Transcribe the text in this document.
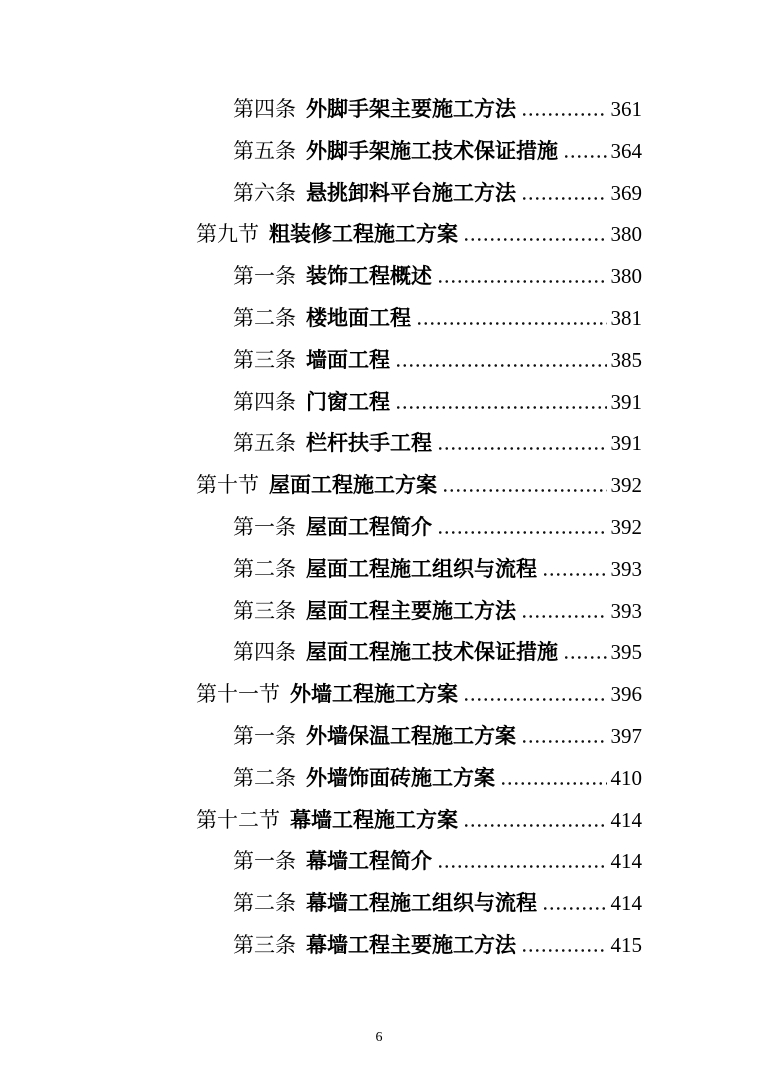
第四条 外脚手架主要施工方法	361
第五条 外脚手架施工技术保证措施	364
第六条 悬挑卸料平台施工方法	369
第九节 粗装修工程施工方案	380
第一条 装饰工程概述	380
第二条 楼地面工程	381
第三条 墙面工程	385
第四条 门窗工程	391
第五条 栏杆扶手工程	391
第十节 屋面工程施工方案	392
第一条 屋面工程简介	392
第二条 屋面工程施工组织与流程	393
第三条 屋面工程主要施工方法	393
第四条 屋面工程施工技术保证措施	395
第十一节 外墙工程施工方案	396
第一条 外墙保温工程施工方案	397
第二条 外墙饰面砖施工方案	410
第十二节 幕墙工程施工方案	414
第一条 幕墙工程简介	414
第二条 幕墙工程施工组织与流程	414
第三条 幕墙工程主要施工方法	415
6
